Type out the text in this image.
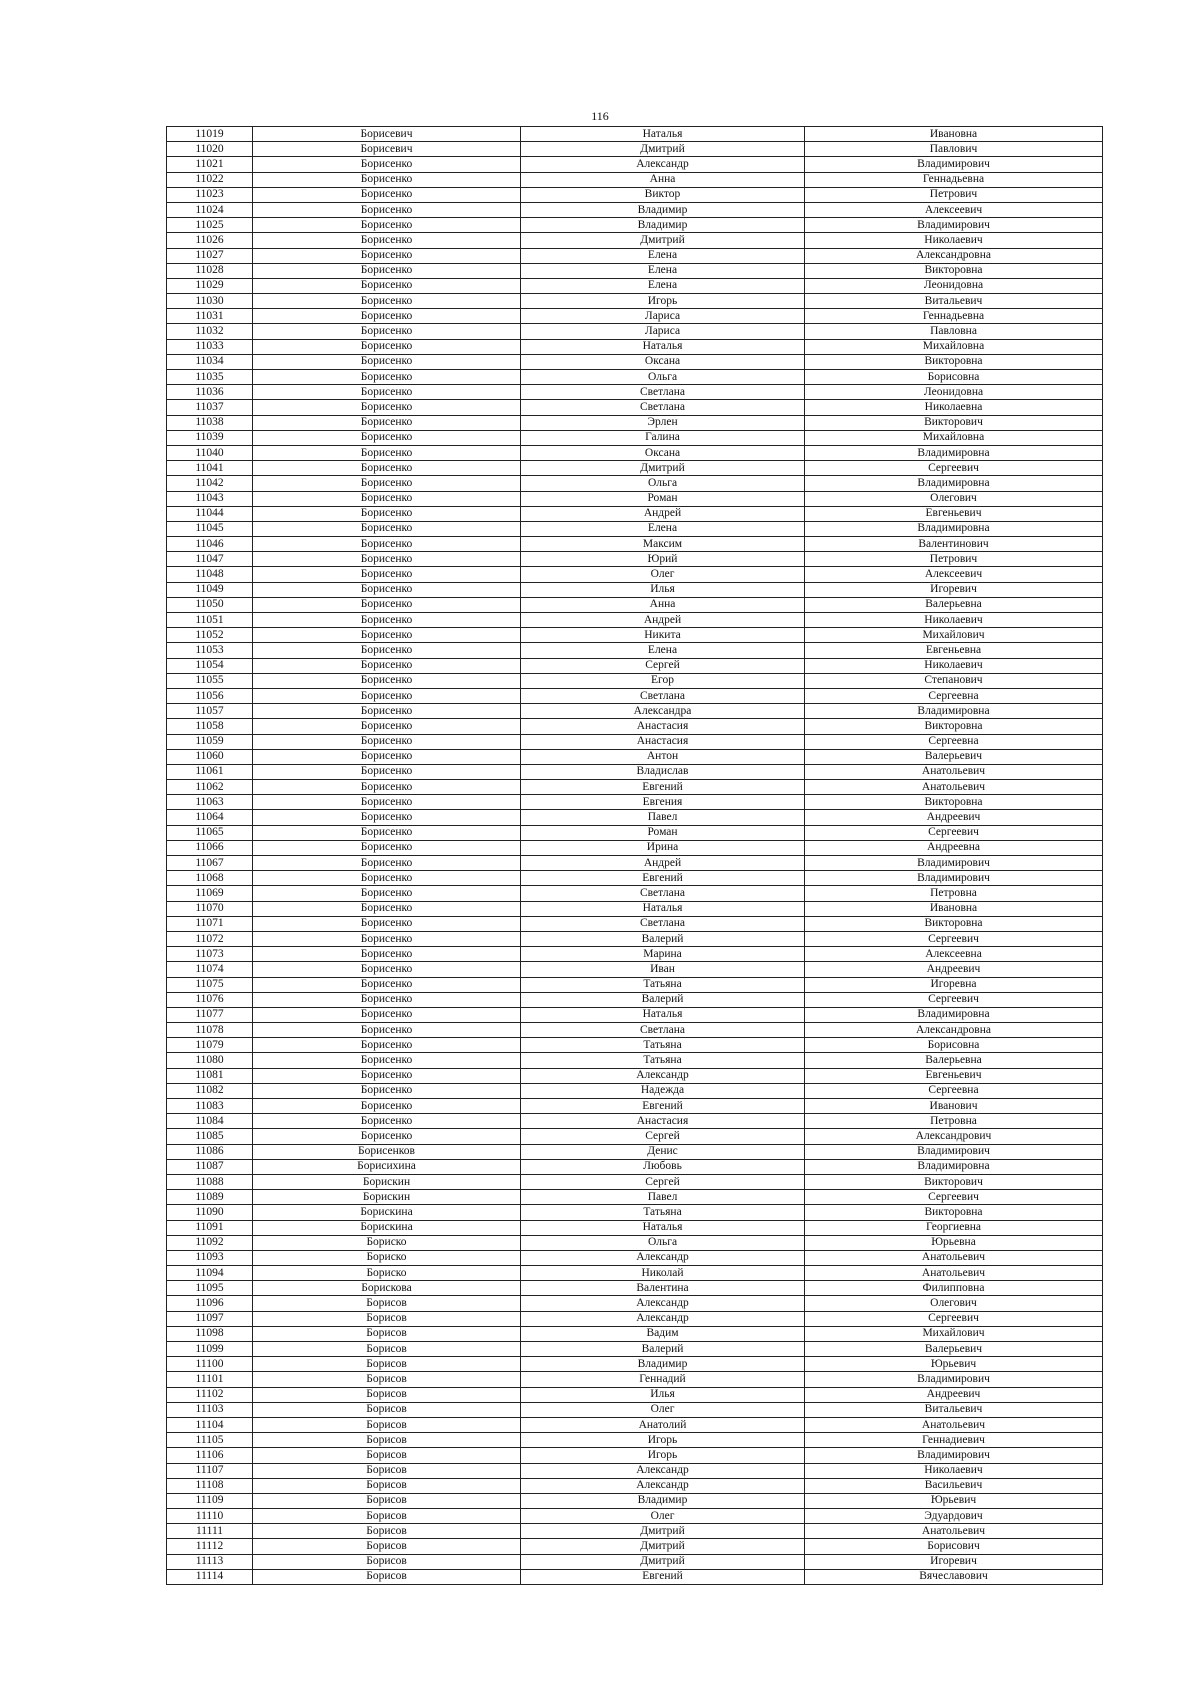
116
11019	Борисевич	Наталья	Ивановна
11020	Борисевич	Дмитрий	Павлович
11021	Борисенко	Александр	Владимирович
11022	Борисенко	Анна	Геннадьевна
11023	Борисенко	Виктор	Петрович
11024	Борисенко	Владимир	Алексеевич
11025	Борисенко	Владимир	Владимирович
11026	Борисенко	Дмитрий	Николаевич
11027	Борисенко	Елена	Александровна
11028	Борисенко	Елена	Викторовна
11029	Борисенко	Елена	Леонидовна
11030	Борисенко	Игорь	Витальевич
11031	Борисенко	Лариса	Геннадьевна
11032	Борисенко	Лариса	Павловна
11033	Борисенко	Наталья	Михайловна
11034	Борисенко	Оксана	Викторовна
11035	Борисенко	Ольга	Борисовна
11036	Борисенко	Светлана	Леонидовна
11037	Борисенко	Светлана	Николаевна
11038	Борисенко	Эрлен	Викторович
11039	Борисенко	Галина	Михайловна
11040	Борисенко	Оксана	Владимировна
11041	Борисенко	Дмитрий	Сергеевич
11042	Борисенко	Ольга	Владимировна
11043	Борисенко	Роман	Олегович
11044	Борисенко	Андрей	Евгеньевич
11045	Борисенко	Елена	Владимировна
11046	Борисенко	Максим	Валентинович
11047	Борисенко	Юрий	Петрович
11048	Борисенко	Олег	Алексеевич
11049	Борисенко	Илья	Игоревич
11050	Борисенко	Анна	Валерьевна
11051	Борисенко	Андрей	Николаевич
11052	Борисенко	Никита	Михайлович
11053	Борисенко	Елена	Евгеньевна
11054	Борисенко	Сергей	Николаевич
11055	Борисенко	Егор	Степанович
11056	Борисенко	Светлана	Сергеевна
11057	Борисенко	Александра	Владимировна
11058	Борисенко	Анастасия	Викторовна
11059	Борисенко	Анастасия	Сергеевна
11060	Борисенко	Антон	Валерьевич
11061	Борисенко	Владислав	Анатольевич
11062	Борисенко	Евгений	Анатольевич
11063	Борисенко	Евгения	Викторовна
11064	Борисенко	Павел	Андреевич
11065	Борисенко	Роман	Сергеевич
11066	Борисенко	Ирина	Андреевна
11067	Борисенко	Андрей	Владимирович
11068	Борисенко	Евгений	Владимирович
11069	Борисенко	Светлана	Петровна
11070	Борисенко	Наталья	Ивановна
11071	Борисенко	Светлана	Викторовна
11072	Борисенко	Валерий	Сергеевич
11073	Борисенко	Марина	Алексеевна
11074	Борисенко	Иван	Андреевич
11075	Борисенко	Татьяна	Игоревна
11076	Борисенко	Валерий	Сергеевич
11077	Борисенко	Наталья	Владимировна
11078	Борисенко	Светлана	Александровна
11079	Борисенко	Татьяна	Борисовна
11080	Борисенко	Татьяна	Валерьевна
11081	Борисенко	Александр	Евгеньевич
11082	Борисенко	Надежда	Сергеевна
11083	Борисенко	Евгений	Иванович
11084	Борисенко	Анастасия	Петровна
11085	Борисенко	Сергей	Александрович
11086	Борисенков	Денис	Владимирович
11087	Борисихина	Любовь	Владимировна
11088	Борискин	Сергей	Викторович
11089	Борискин	Павел	Сергеевич
11090	Борискина	Татьяна	Викторовна
11091	Борискина	Наталья	Георгиевна
11092	Бориско	Ольга	Юрьевна
11093	Бориско	Александр	Анатольевич
11094	Бориско	Николай	Анатольевич
11095	Борискова	Валентина	Филипповна
11096	Борисов	Александр	Олегович
11097	Борисов	Александр	Сергеевич
11098	Борисов	Вадим	Михайлович
11099	Борисов	Валерий	Валерьевич
11100	Борисов	Владимир	Юрьевич
11101	Борисов	Геннадий	Владимирович
11102	Борисов	Илья	Андреевич
11103	Борисов	Олег	Витальевич
11104	Борисов	Анатолий	Анатольевич
11105	Борисов	Игорь	Геннадиевич
11106	Борисов	Игорь	Владимирович
11107	Борисов	Александр	Николаевич
11108	Борисов	Александр	Васильевич
11109	Борисов	Владимир	Юрьевич
11110	Борисов	Олег	Эдуардович
11111	Борисов	Дмитрий	Анатольевич
11112	Борисов	Дмитрий	Борисович
11113	Борисов	Дмитрий	Игоревич
11114	Борисов	Евгений	Вячеславович
